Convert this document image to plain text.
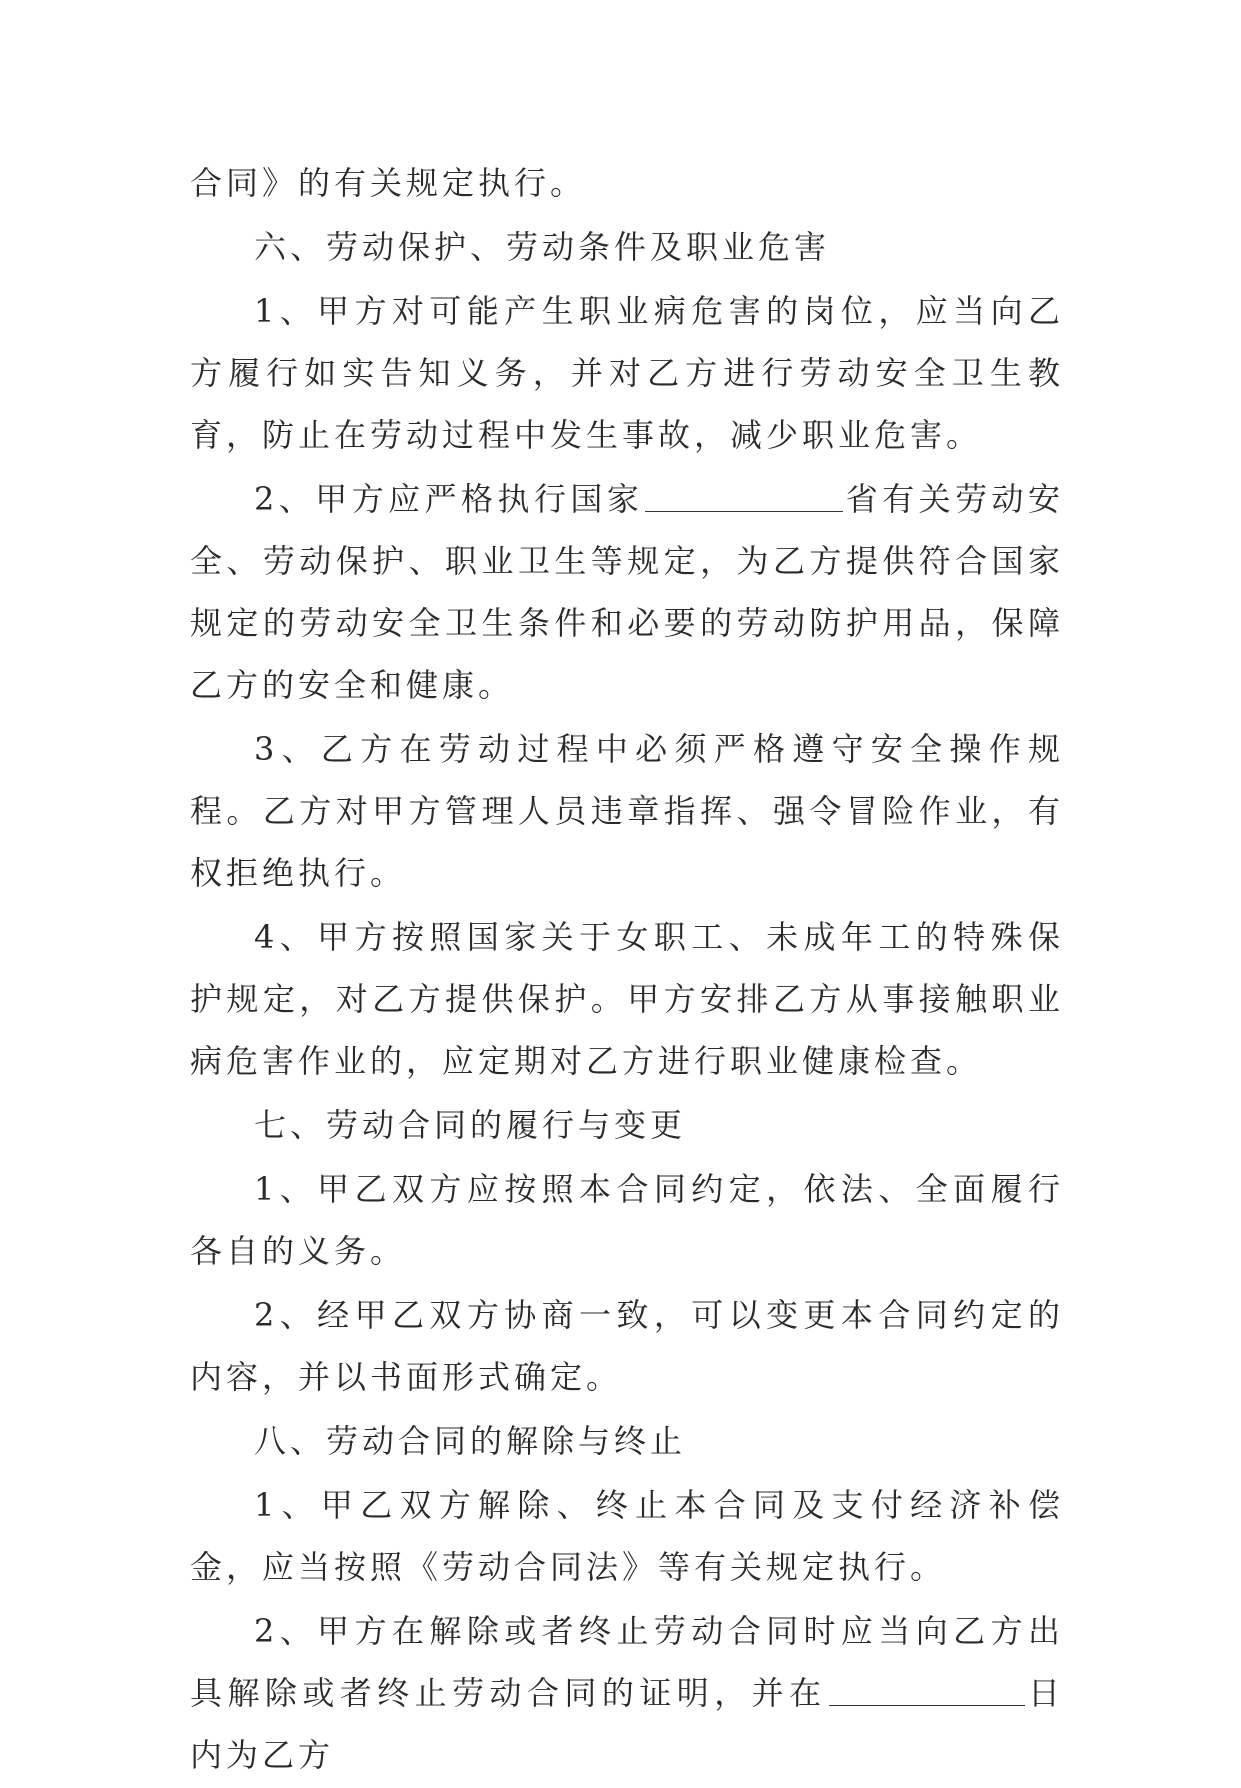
合同》的有关规定执行。

六、劳动保护、劳动条件及职业危害

1、甲方对可能产生职业病危害的岗位，应当向乙方履行如实告知义务，并对乙方进行劳动安全卫生教育，防止在劳动过程中发生事故，减少职业危害。

2、甲方应严格执行国家	省有关劳动安全、劳动保护、职业卫生等规定，为乙方提供符合国家规定的劳动安全卫生条件和必要的劳动防护用品，保障乙方的安全和健康。

3、乙方在劳动过程中必须严格遵守安全操作规程。乙方对甲方管理人员违章指挥、强令冒险作业，有权拒绝执行。

4、甲方按照国家关于女职工、未成年工的特殊保护规定，对乙方提供保护。甲方安排乙方从事接触职业病危害作业的，应定期对乙方进行职业健康检查。

七、劳动合同的履行与变更

1、甲乙双方应按照本合同约定，依法、全面履行各自的义务。

2、经甲乙双方协商一致，可以变更本合同约定的内容，并以书面形式确定。

八、劳动合同的解除与终止

1、甲乙双方解除、终止本合同及支付经济补偿金，应当按照《劳动合同法》等有关规定执行。

2、甲方在解除或者终止劳动合同时应当向乙方出具解除或者终止劳动合同的证明，并在	日内为乙方
